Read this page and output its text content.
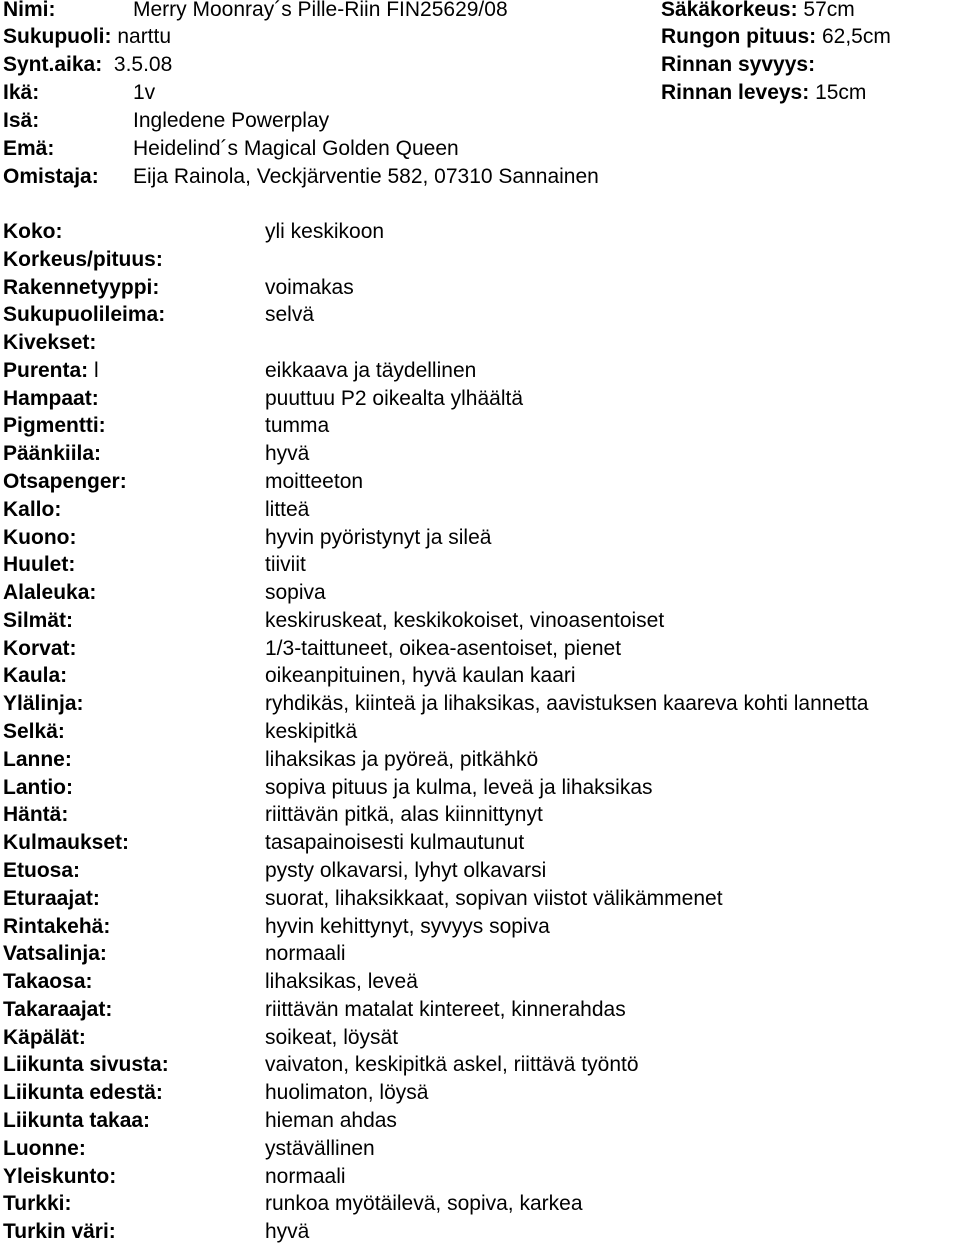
Nimi:	Merry Moonray´s Pille-Riin FIN25629/08	Säkäkorkeus: 57cm
Sukupuoli: narttu	Rungon pituus: 62,5cm
Synt.aika:  3.5.08	Rinnan syvyys:
Ikä:	1v	Rinnan leveys: 15cm
Isä:	Ingledene Powerplay
Emä:	Heidelind´s Magical Golden Queen
Omistaja: Eija Rainola, Veckjärventie 582, 07310 Sannainen
Koko:	yli keskikoon
Korkeus/pituus:
Rakennetyyppi:	voimakas
Sukupuolileima:	selvä
Kivekset:
Purenta: l	eikkaava ja täydellinen
Hampaat:	puuttuu P2 oikealta ylhäältä
Pigmentti:	tumma
Päänkiila:	hyvä
Otsapenger:	moitteeton
Kallo:	litteä
Kuono:	hyvin pyöristynyt ja sileä
Huulet:	tiiviit
Alaleuka:	sopiva
Silmät:	keskiruskeat, keskikokoiset, vinoasentoiset
Korvat:	1/3-taittuneet, oikea-asentoiset, pienet
Kaula:	oikeanpituinen, hyvä kaulan kaari
Ylälinja:	ryhdikäs, kiinteä ja lihaksikas, aavistuksen kaareva kohti lannetta
Selkä:	keskipitkä
Lanne:	lihaksikas ja pyöreä, pitkähkö
Lantio:	sopiva pituus ja kulma, leveä ja lihaksikas
Häntä:	riittävän pitkä, alas kiinnittynyt
Kulmaukset:	tasapainoisesti kulmautunut
Etuosa:	pysty olkavarsi, lyhyt olkavarsi
Eturaajat:	suorat, lihaksikkaat, sopivan viistot välikämmenet
Rintakehä:	hyvin kehittynyt, syvyys sopiva
Vatsalinja:	normaali
Takaosa:	lihaksikas, leveä
Takaraajat:	riittävän matalat kintereet, kinnerahdas
Käpälät:	soikeat, löysät
Liikunta sivusta:	vaivaton, keskipitkä askel, riittävä työntö
Liikunta edestä:	huolimaton, löysä
Liikunta takaa:	hieman ahdas
Luonne:	ystävällinen
Yleiskunto:	normaali
Turkki:	runkoa myötäilevä, sopiva, karkea
Turkin väri:	hyvä
